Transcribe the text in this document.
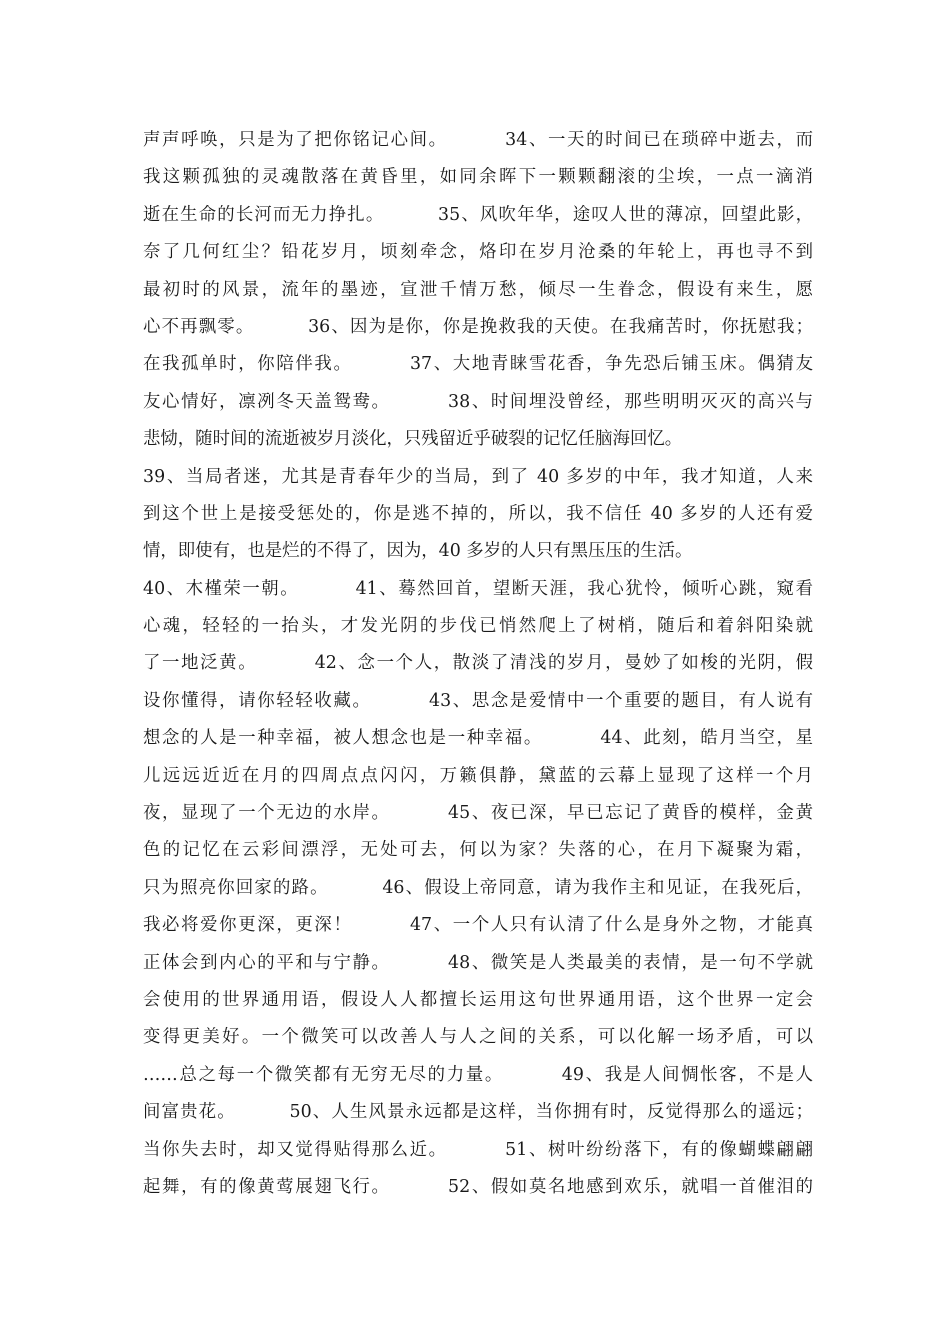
声声呼唤，只是为了把你铭记心间。        34、一天的时间已在琐碎中逝去，而
我这颗孤独的灵魂散落在黄昏里，如同余晖下一颗颗翻滚的尘埃，一点一滴消
逝在生命的长河而无力挣扎。        35、风吹年华，途叹人世的薄凉，回望此影，
奈了几何红尘？铅花岁月，顷刻牵念，烙印在岁月沧桑的年轮上，再也寻不到
最初时的风景，流年的墨迹，宣泄千情万愁，倾尽一生眷念，假设有来生，愿
心不再飘零。        36、因为是你，你是挽救我的天使。在我痛苦时，你抚慰我；
在我孤单时，你陪伴我。        37、大地青睐雪花香，争先恐后铺玉床。偶猜友
友心情好，凛冽冬天盖鸳鸯。        38、时间埋没曾经，那些明明灭灭的高兴与
悲恸，随时间的流逝被岁月淡化，只残留近乎破裂的记忆任脑海回忆。
39、当局者迷，尤其是青春年少的当局，到了 40 多岁的中年，我才知道，人来
到这个世上是接受惩处的，你是逃不掉的，所以，我不信任 40 多岁的人还有爱
情，即使有，也是烂的不得了，因为，40 多岁的人只有黑压压的生活。
40、木槿荣一朝。        41、蓦然回首，望断天涯，我心犹怜，倾听心跳，窥看
心魂，轻轻的一抬头，才发光阴的步伐已悄然爬上了树梢，随后和着斜阳染就
了一地泛黄。        42、念一个人，散淡了清浅的岁月，曼妙了如梭的光阴，假
设你懂得，请你轻轻收藏。        43、思念是爱情中一个重要的题目，有人说有
想念的人是一种幸福，被人想念也是一种幸福。        44、此刻，皓月当空，星
儿远远近近在月的四周点点闪闪，万籁俱静，黛蓝的云幕上显现了这样一个月
夜，显现了一个无边的水岸。        45、夜已深，早已忘记了黄昏的模样，金黄
色的记忆在云彩间漂浮，无处可去，何以为家？失落的心，在月下凝聚为霜，
只为照亮你回家的路。        46、假设上帝同意，请为我作主和见证，在我死后，
我必将爱你更深，更深！        47、一个人只有认清了什么是身外之物，才能真
正体会到内心的平和与宁静。        48、微笑是人类最美的表情，是一句不学就
会使用的世界通用语，假设人人都擅长运用这句世界通用语，这个世界一定会
变得更美好。一个微笑可以改善人与人之间的关系，可以化解一场矛盾，可以
……总之每一个微笑都有无穷无尽的力量。        49、我是人间惆怅客，不是人
间富贵花。        50、人生风景永远都是这样，当你拥有时，反觉得那么的遥远；
当你失去时，却又觉得贴得那么近。        51、树叶纷纷落下，有的像蝴蝶翩翩
起舞，有的像黄莺展翅飞行。        52、假如莫名地感到欢乐，就唱一首催泪的
